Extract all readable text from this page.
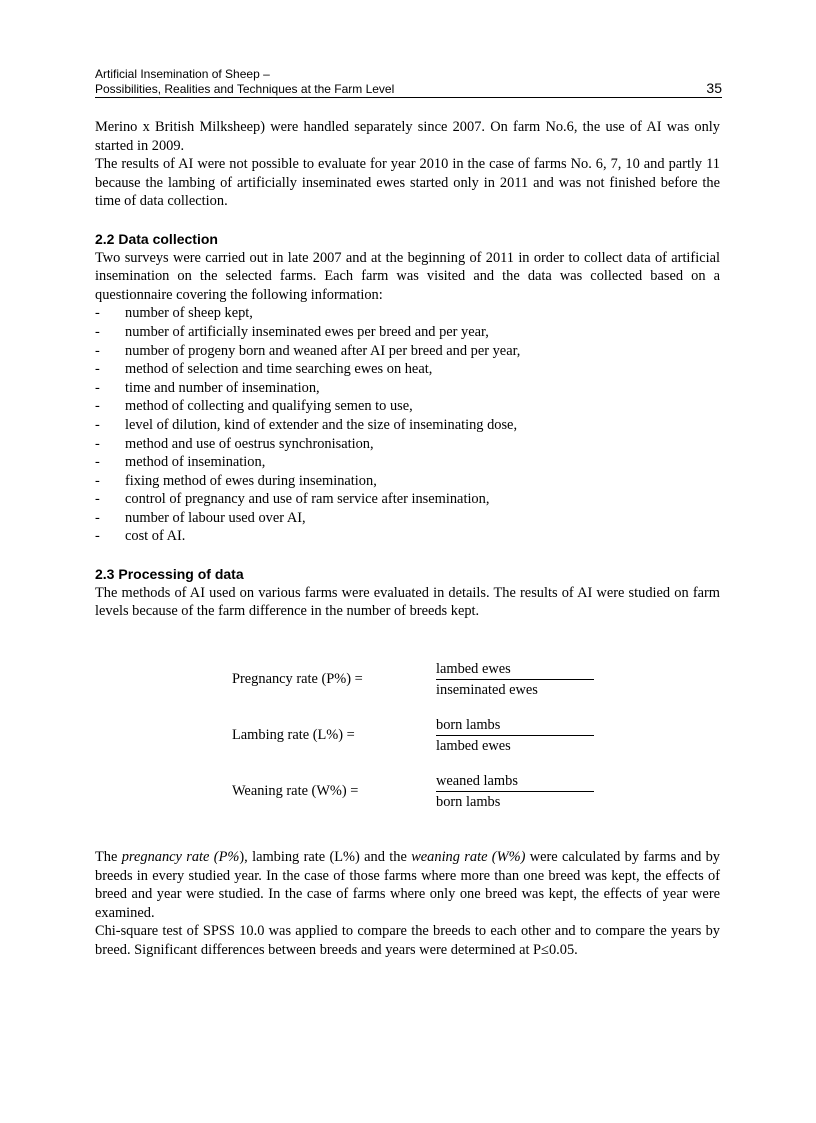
Artificial Insemination of Sheep –
Possibilities, Realities and Techniques at the Farm Level	35

Merino x British Milksheep) were handled separately since 2007. On farm No.6, the use of AI was only started in 2009.

The results of AI were not possible to evaluate for year 2010 in the case of farms No. 6, 7, 10 and partly 11 because the lambing of artificially inseminated ewes started only in 2011 and was not finished before the time of data collection.

2.2 Data collection

Two surveys were carried out in late 2007 and at the beginning of 2011 in order to collect data of artificial insemination on the selected farms. Each farm was visited and the data was collected based on a questionnaire covering the following information:

- number of sheep kept,
- number of artificially inseminated ewes per breed and per year,
- number of progeny born and weaned after AI per breed and per year,
- method of selection and time searching ewes on heat,
- time and number of insemination,
- method of collecting and qualifying semen to use,
- level of dilution, kind of extender and the size of inseminating dose,
- method and use of oestrus synchronisation,
- method of insemination,
- fixing method of ewes during insemination,
- control of pregnancy and use of ram service after insemination,
- number of labour used over AI,
- cost of AI.

2.3 Processing of data

The methods of AI used on various farms were evaluated in details. The results of AI were studied on farm levels because of the farm difference in the number of breeds kept.

Pregnancy rate (P%) =
lambed ewes
inseminated ewes
Lambing rate (L%) =
born lambs
lambed ewes
Weaning rate (W%) =
weaned lambs
born lambs

The pregnancy rate (P%), lambing rate (L%) and the weaning rate (W%) were calculated by farms and by breeds in every studied year. In the case of those farms where more than one breed was kept, the effects of breed and year were studied. In the case of farms where only one breed was kept, the effects of year were examined.

Chi-square test of SPSS 10.0 was applied to compare the breeds to each other and to compare the years by breed. Significant differences between breeds and years were determined at P≤0.05.
